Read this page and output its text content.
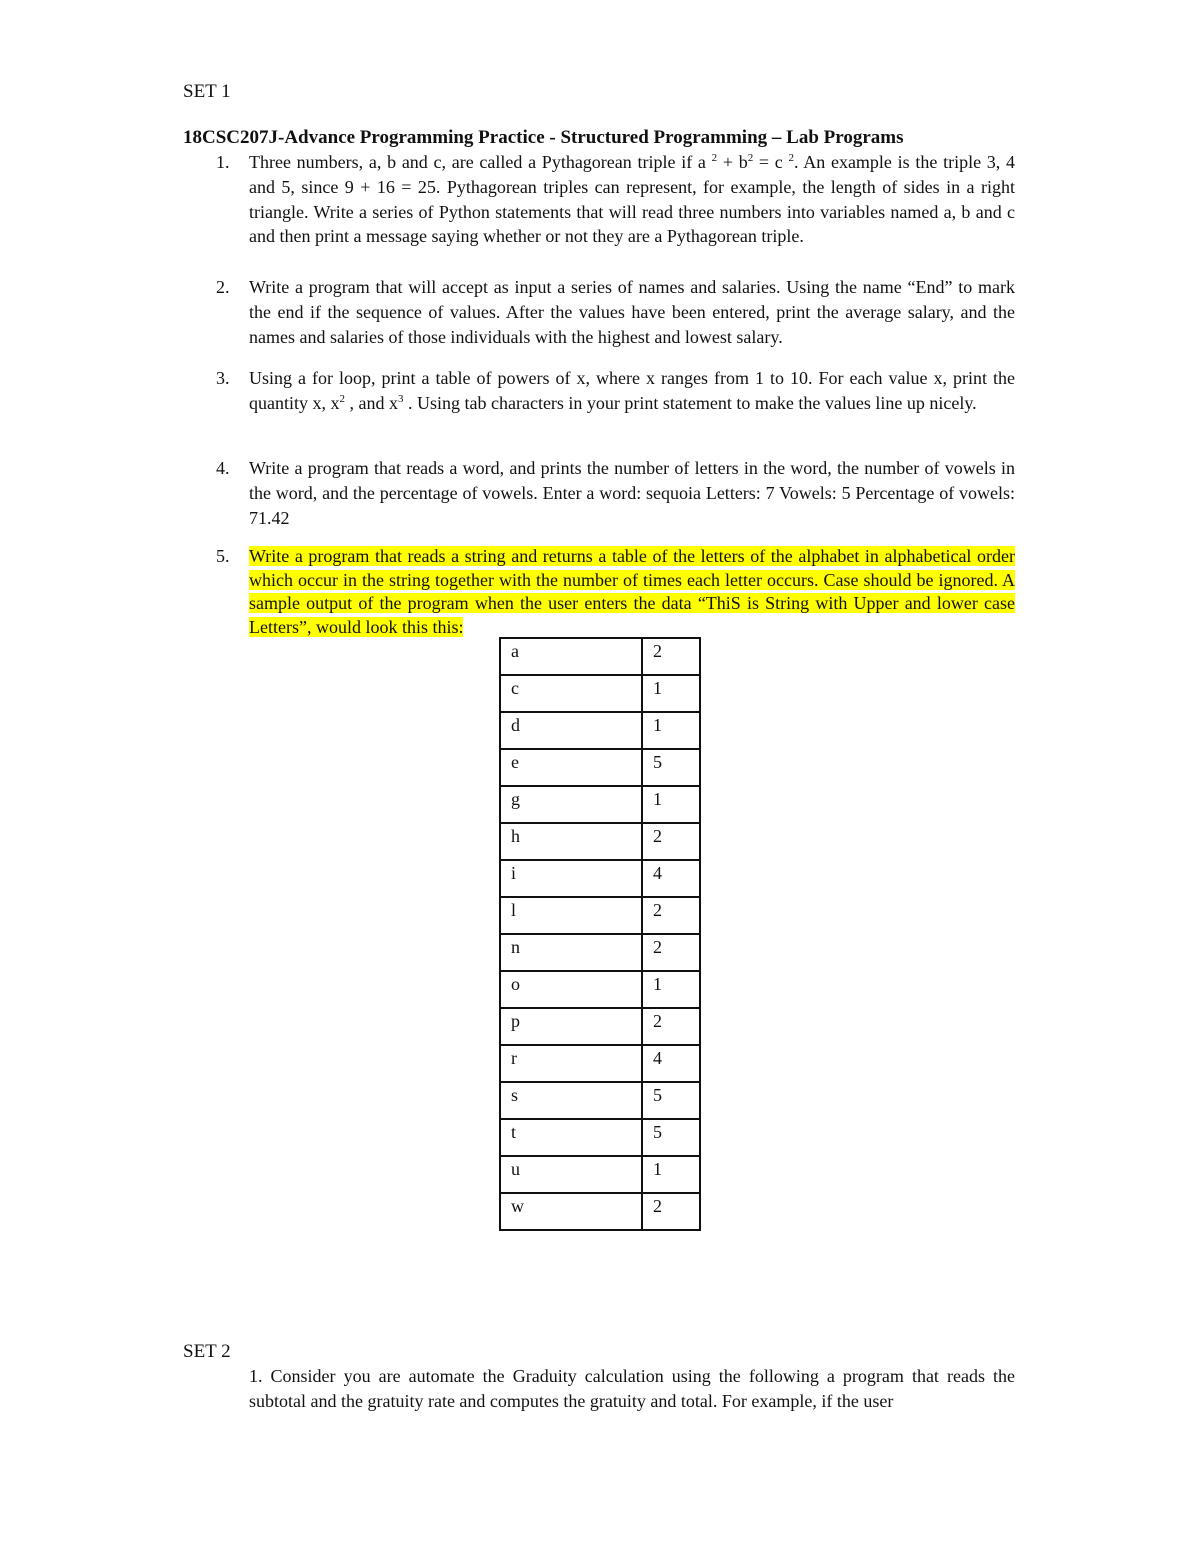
SET 1
18CSC207J-Advance Programming Practice - Structured Programming – Lab Programs
1. Three numbers, a, b and c, are called a Pythagorean triple if a $^2 + b^2 = c$ $^2$. An example is the triple 3, 4 and 5, since 9 + 16 = 25. Pythagorean triples can represent, for example, the length of sides in a right triangle. Write a series of Python statements that will read three numbers into variables named a, b and c and then print a message saying whether or not they are a Pythagorean triple.
2. Write a program that will accept as input a series of names and salaries. Using the name “End” to mark the end if the sequence of values. After the values have been entered, print the average salary, and the names and salaries of those individuals with the highest and lowest salary.
3. Using a for loop, print a table of powers of x, where x ranges from 1 to 10. For each value x, print the quantity x, $x^2$ , and $x^3$ . Using tab characters in your print statement to make the values line up nicely.
4. Write a program that reads a word, and prints the number of letters in the word, the number of vowels in the word, and the percentage of vowels. Enter a word: sequoia Letters: 7 Vowels: 5 Percentage of vowels: 71.42
5. Write a program that reads a string and returns a table of the letters of the alphabet in alphabetical order which occur in the string together with the number of times each letter occurs. Case should be ignored. A sample output of the program when the user enters the data “ThiS is String with Upper and lower case Letters”, would look this this:
a	2
c	1
d	1
e	5
g	1
h	2
i	4
l	2
n	2
o	1
p	2
r	4
s	5
t	5
u	1
w	2
SET 2
1. Consider you are automate the Graduity calculation using the following a program that reads the subtotal and the gratuity rate and computes the gratuity and total. For example, if the user
